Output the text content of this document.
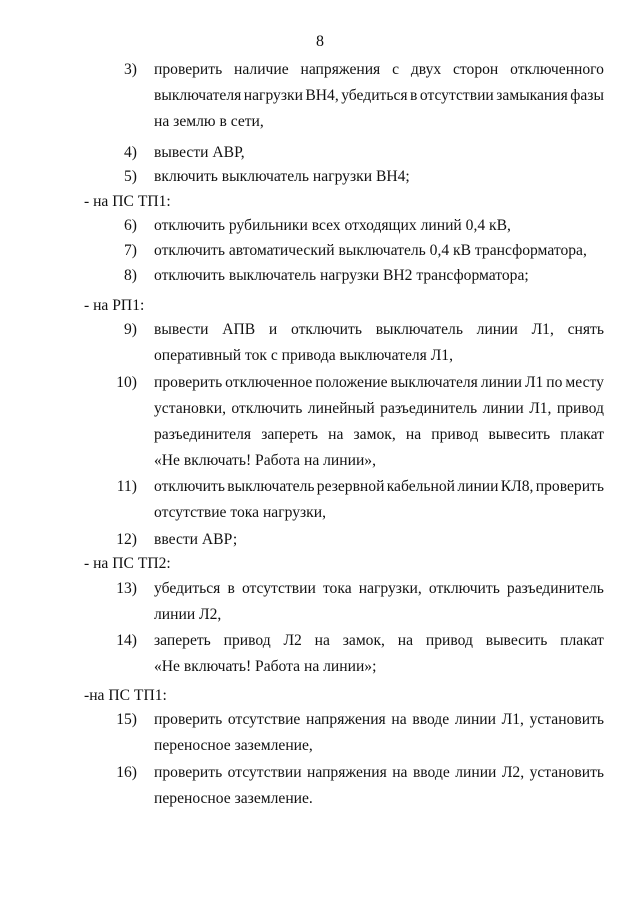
8
3) проверить наличие напряжения с двух сторон отключенного
выключателя нагрузки ВН4, убедиться в отсутствии замыкания фазы
на землю в сети,
4) вывести АВР,
5) включить выключатель нагрузки ВН4;
- на ПС ТП1:
6) отключить рубильники всех отходящих линий 0,4 кВ,
7) отключить автоматический выключатель 0,4 кВ трансформатора,
8) отключить выключатель нагрузки ВН2 трансформатора;
- на РП1:
9) вывести АПВ и отключить выключатель линии Л1, снять
оперативный ток с привода выключателя Л1,
10) проверить отключенное положение выключателя линии Л1 по месту
установки, отключить линейный разъединитель линии Л1, привод
разъединителя запереть на замок, на привод вывесить плакат
«Не включать! Работа на линии»,
11) отключить выключатель резервной кабельной линии КЛ8, проверить
отсутствие тока нагрузки,
12) ввести АВР;
- на ПС ТП2:
13) убедиться в отсутствии тока нагрузки, отключить разъединитель
линии Л2,
14) запереть привод Л2 на замок, на привод вывесить плакат
«Не включать! Работа на линии»;
-на ПС ТП1:
15) проверить отсутствие напряжения на вводе линии Л1, установить
переносное заземление,
16) проверить отсутствии напряжения на вводе линии Л2, установить
переносное заземление.
